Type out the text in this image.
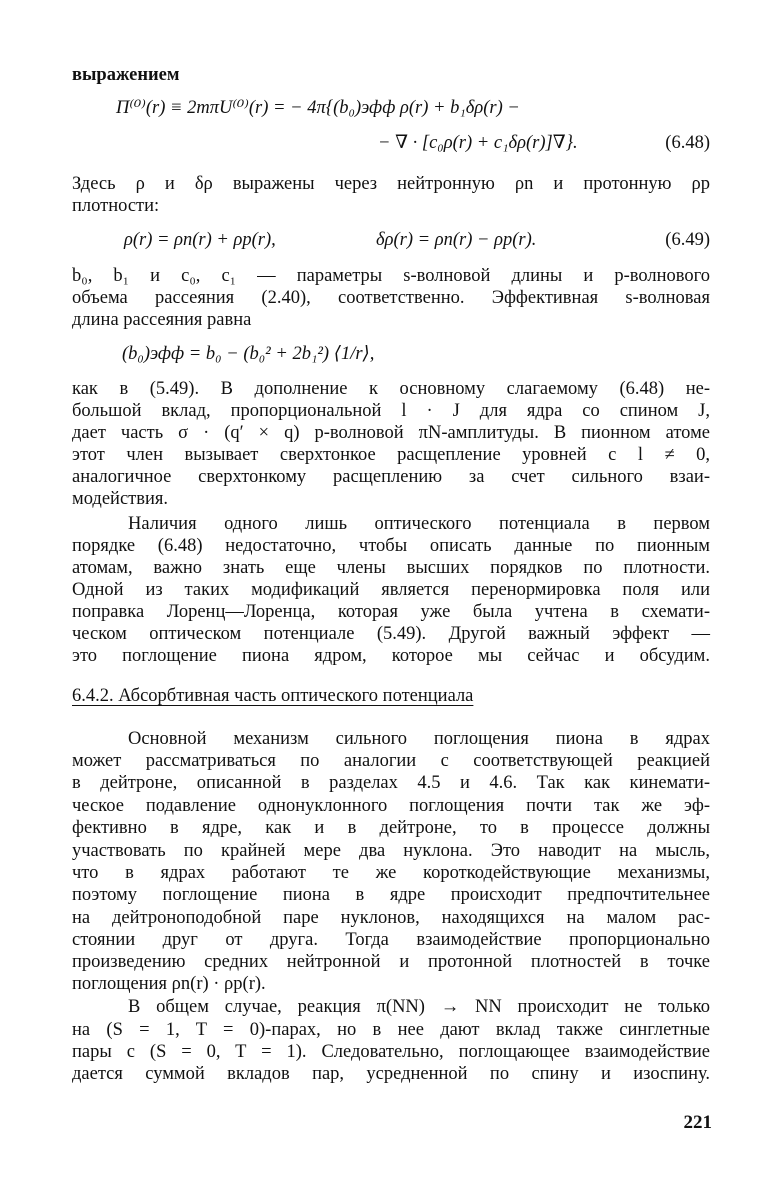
выражением
Π⁽⁰⁾(r) ≡ 2mπU⁽⁰⁾(r) = − 4π{(b₀)эфф ρ(r) + b₁δρ(r) −
− ∇ · [c₀ρ(r) + c₁δρ(r)]∇}.	(6.48)
Здесь ρ и δρ выражены через нейтронную ρn и протонную ρp
плотности:
ρ(r) = ρn(r) + ρp(r),	δρ(r) = ρn(r) − ρp(r).	(6.49)
b₀, b₁ и c₀, c₁ — параметры s-волновой длины и p-волнового
объема рассеяния (2.40), соответственно. Эффективная s-волновая
длина рассеяния равна
(b₀)эфф = b₀ − (b₀² + 2b₁²) ⟨1/r⟩,
как в (5.49). В дополнение к основному слагаемому (6.48) не-
большой вклад, пропорциональной l · J для ядра со спином J,
дает часть σ · (q′ × q) p-волновой πN-амплитуды. В пионном атоме
этот член вызывает сверхтонкое расщепление уровней с l ≠ 0,
аналогичное сверхтонкому расщеплению за счет сильного взаи-
модействия.
Наличия одного лишь оптического потенциала в первом
порядке (6.48) недостаточно, чтобы описать данные по пионным
атомам, важно знать еще члены высших порядков по плотности.
Одной из таких модификаций является перенормировка поля или
поправка Лоренц—Лоренца, которая уже была учтена в схемати-
ческом оптическом потенциале (5.49). Другой важный эффект —
это поглощение пиона ядром, которое мы сейчас и обсудим.
6.4.2. Абсорбтивная часть оптического потенциала
Основной механизм сильного поглощения пиона в ядрах
может рассматриваться по аналогии с соответствующей реакцией
в дейтроне, описанной в разделах 4.5 и 4.6. Так как кинемати-
ческое подавление однонуклонного поглощения почти так же эф-
фективно в ядре, как и в дейтроне, то в процессе должны
участвовать по крайней мере два нуклона. Это наводит на мысль,
что в ядрах работают те же короткодействующие механизмы,
поэтому поглощение пиона в ядре происходит предпочтительнее
на дейтроноподобной паре нуклонов, находящихся на малом рас-
стоянии друг от друга. Тогда взаимодействие пропорционально
произведению средних нейтронной и протонной плотностей в точке
поглощения ρn(r) · ρp(r).
В общем случае, реакция π(NN) → NN происходит не только
на (S = 1, T = 0)-парах, но в нее дают вклад также синглетные
пары с (S = 0, T = 1). Следовательно, поглощающее взаимодействие
дается суммой вкладов пар, усредненной по спину и изоспину.
221
